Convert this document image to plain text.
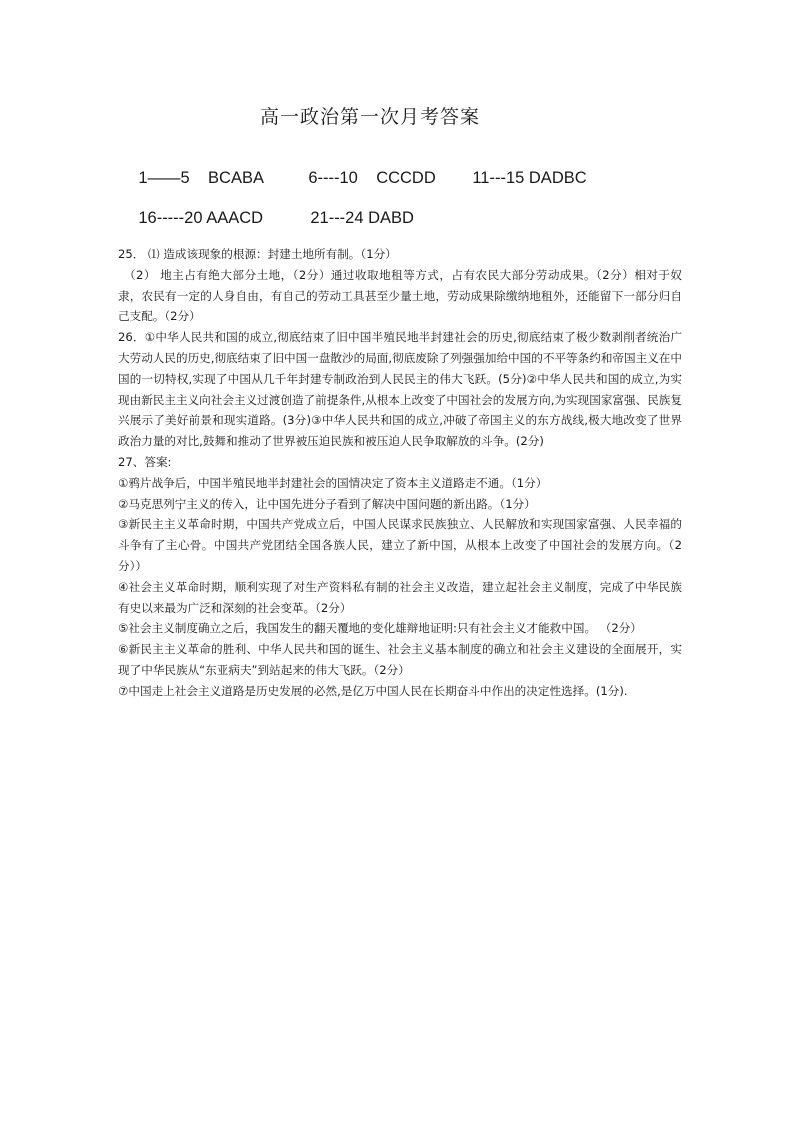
高一政治第一次月考答案

1——5    BCABA	6----10    CCCDD 11---15 DADBC

16-----20 AAACD	21---24 DABD

25． ⑴ 造成该现象的根源：封建土地所有制。（1分）

（2） 地主占有绝大部分土地，（2分）通过收取地租等方式，占有农民大部分劳动成果。（2分）相对于奴隶，农民有一定的人身自由，有自己的劳动工具甚至少量土地，劳动成果除缴纳地租外，还能留下一部分归自己支配。（2分）

26．①中华人民共和国的成立,彻底结束了旧中国半殖民地半封建社会的历史,彻底结束了极少数剥削者统治广大劳动人民的历史,彻底结束了旧中国一盘散沙的局面,彻底废除了列强强加给中国的不平等条约和帝国主义在中国的一切特权,实现了中国从几千年封建专制政治到人民民主的伟大飞跃。(5分)②中华人民共和国的成立,为实现由新民主主义向社会主义过渡创造了前提条件,从根本上改变了中国社会的发展方向,为实现国家富强、民族复兴展示了美好前景和现实道路。(3分)③中华人民共和国的成立,冲破了帝国主义的东方战线,极大地改变了世界政治力量的对比,鼓舞和推动了世界被压迫民族和被压迫人民争取解放的斗争。(2分)

27、答案:

①鸦片战争后，中国半殖民地半封建社会的国情决定了资本主义道路走不通。（1分）

②马克思列宁主义的传入，让中国先进分子看到了解决中国问题的新出路。（1分）

③新民主主义革命时期，中国共产党成立后，中国人民谋求民族独立、人民解放和实现国家富强、人民幸福的斗争有了主心骨。中国共产党团结全国各族人民，建立了新中国，从根本上改变了中国社会的发展方向。（2分））

④社会主义革命时期，顺利实现了对生产资料私有制的社会主义改造，建立起社会主义制度，完成了中华民族有史以来最为广泛和深刻的社会变革。（2分）

⑤社会主义制度确立之后，我国发生的翻天覆地的变化雄辩地证明:只有社会主义才能救中国。 （2分）

⑥新民主主义革命的胜利、中华人民共和国的诞生、社会主义基本制度的确立和社会主义建设的全面展开，实现了中华民族从“东亚病夫”到站起来的伟大飞跃。（2分）

⑦中国走上社会主义道路是历史发展的必然,是亿万中国人民在长期奋斗中作出的决定性选择。(1分).
